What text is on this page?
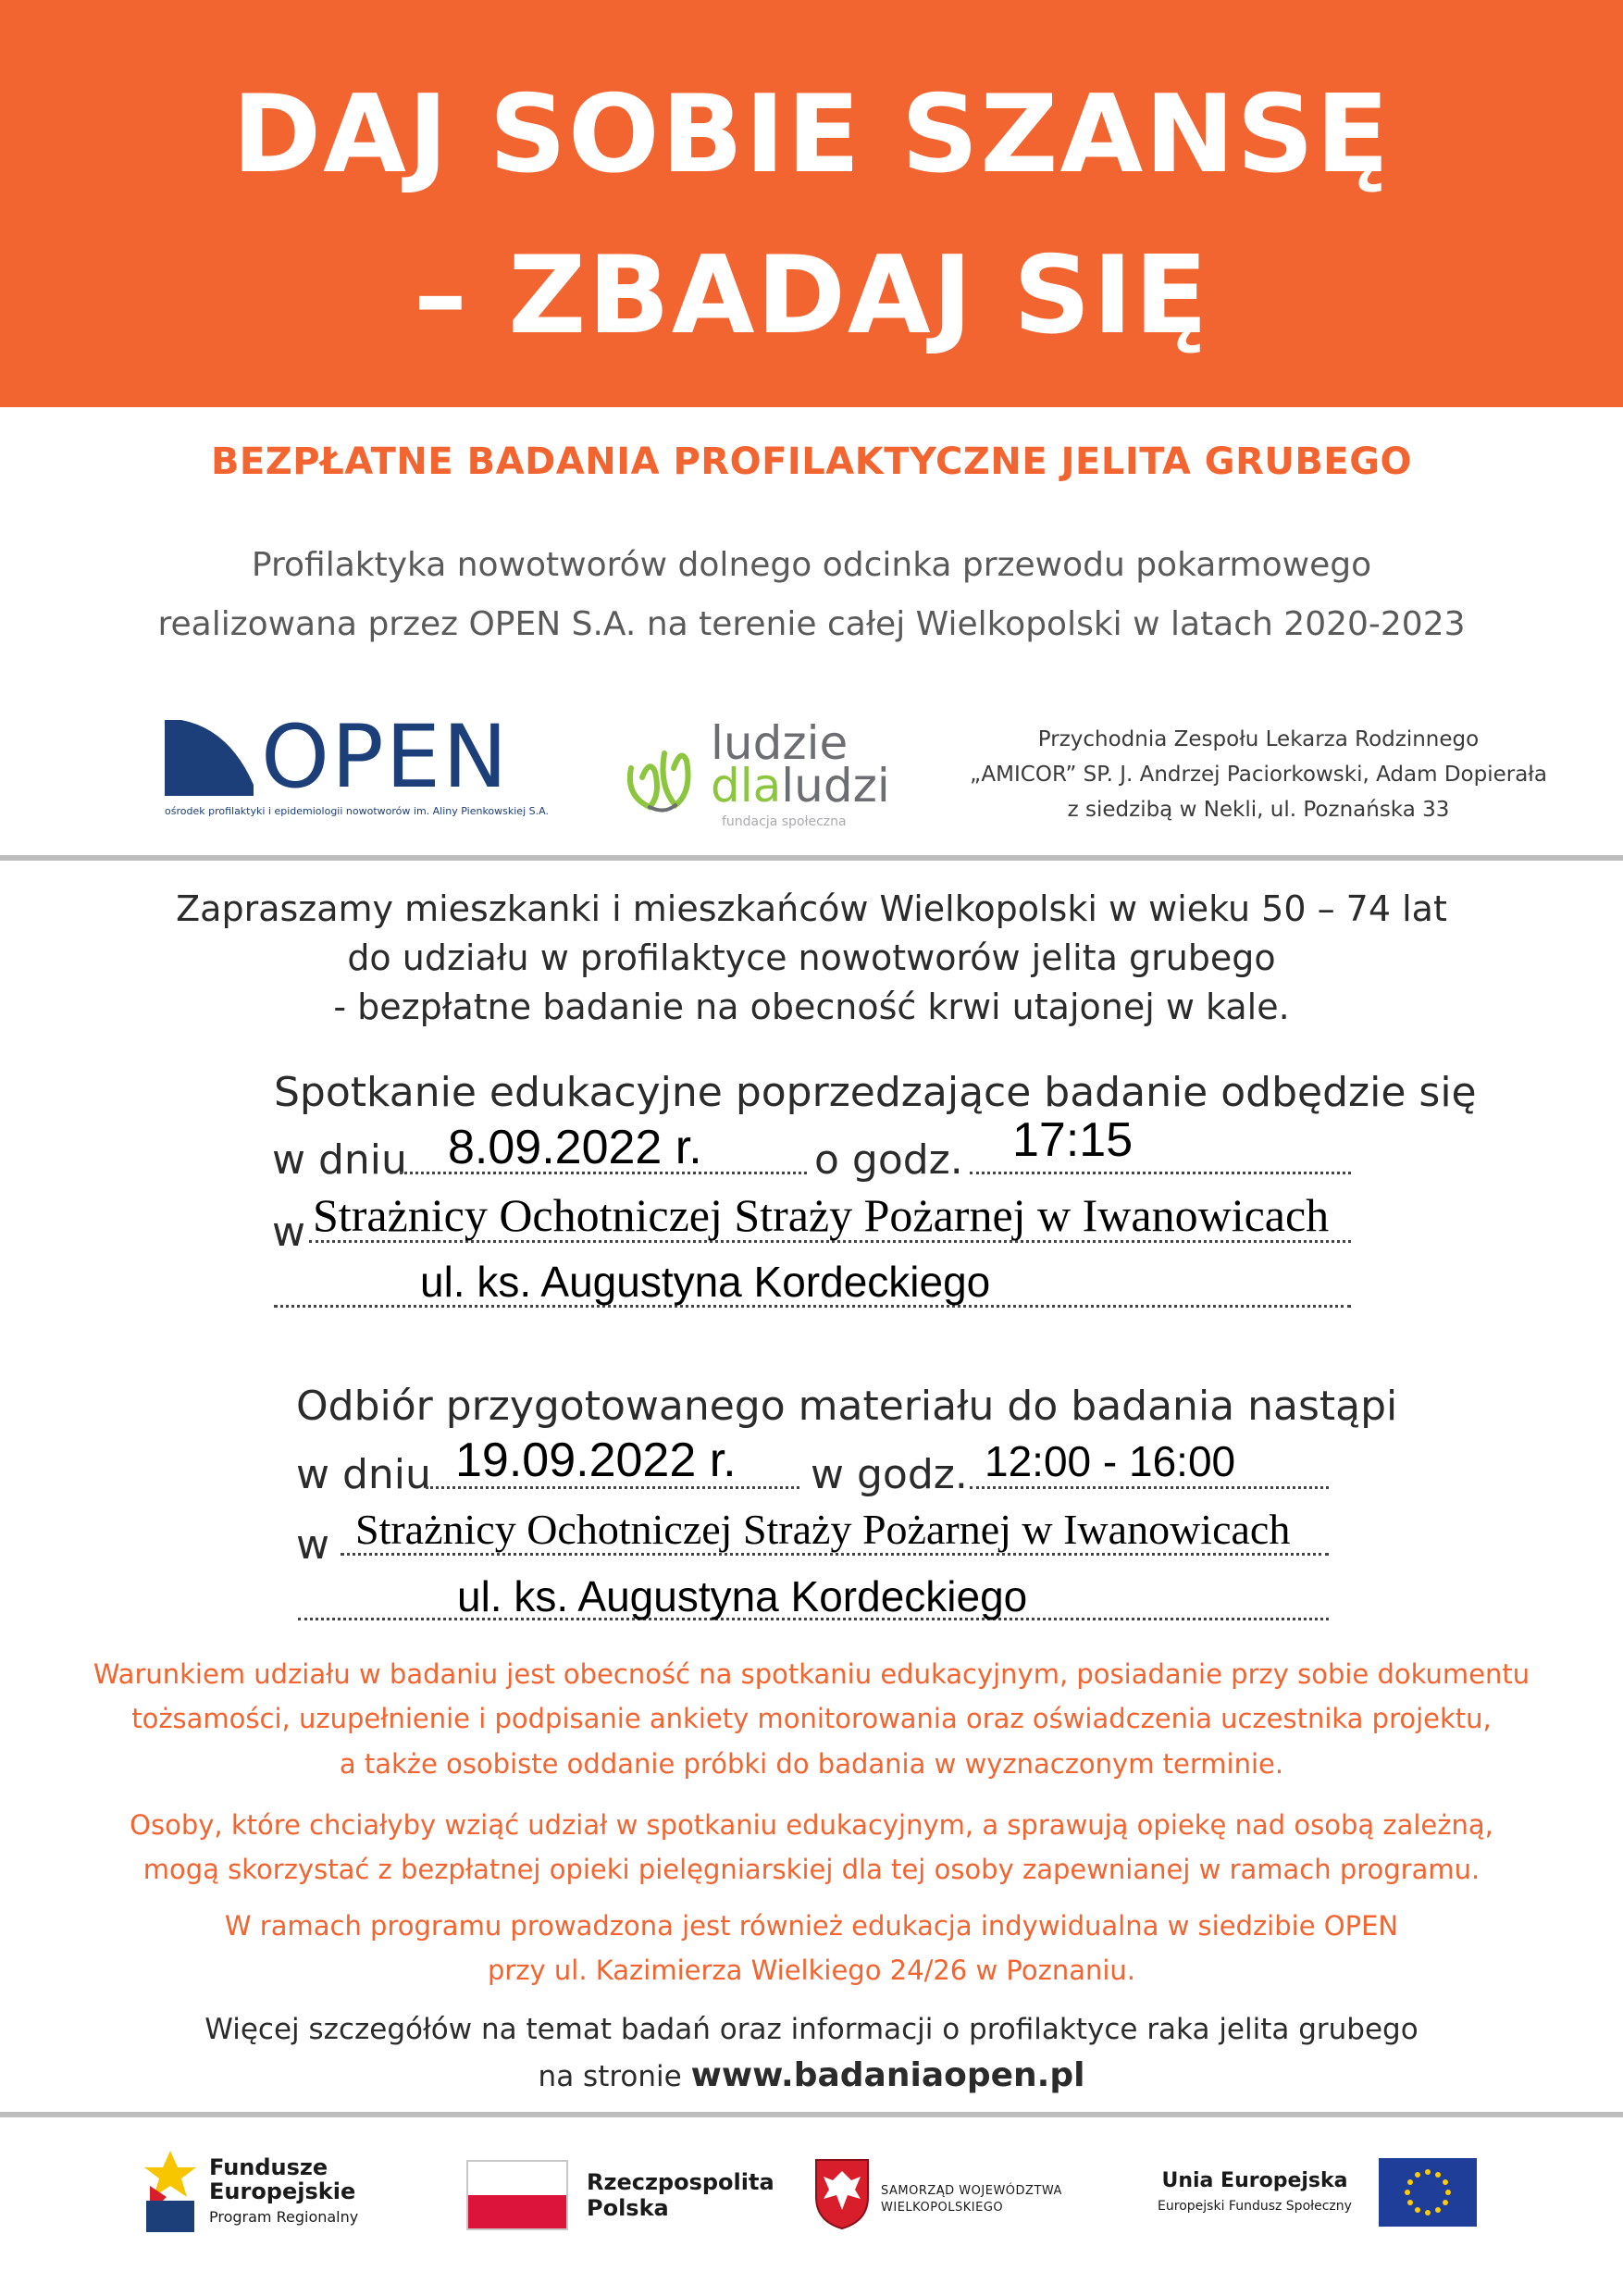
DAJ SOBIE SZANSĘ
– ZBADAJ SIĘ
BEZPŁATNE BADANIA PROFILAKTYCZNE JELITA GRUBEGO
Profilaktyka nowotworów dolnego odcinka przewodu pokarmowego
realizowana przez OPEN S.A. na terenie całej Wielkopolski w latach 2020-2023
OPEN
ośrodek profilaktyki i epidemiologii nowotworów im. Aliny Pienkowskiej S.A.
ludzie
dlaludzi
fundacja społeczna
Przychodnia Zespołu Lekarza Rodzinnego
„AMICOR” SP. J. Andrzej Paciorkowski, Adam Dopierała
z siedzibą w Nekli, ul. Poznańska 33
Zapraszamy mieszkanki i mieszkańców Wielkopolski w wieku 50 – 74 lat
do udziału w profilaktyce nowotworów jelita grubego
- bezpłatne badanie na obecność krwi utajonej w kale.
Spotkanie edukacyjne poprzedzające badanie odbędzie się
w dniu 8.09.2022 r.	o godz. 17:15
w Strażnicy Ochotniczej Straży Pożarnej w Iwanowicach
ul. ks. Augustyna Kordeckiego
Odbiór przygotowanego materiału do badania nastąpi
w dniu 19.09.2022 r. w godz. 12:00 - 16:00
w Strażnicy Ochotniczej Straży Pożarnej w Iwanowicach
ul. ks. Augustyna Kordeckiego
Warunkiem udziału w badaniu jest obecność na spotkaniu edukacyjnym, posiadanie przy sobie dokumentu
tożsamości, uzupełnienie i podpisanie ankiety monitorowania oraz oświadczenia uczestnika projektu,
a także osobiste oddanie próbki do badania w wyznaczonym terminie.
Osoby, które chciałyby wziąć udział w spotkaniu edukacyjnym, a sprawują opiekę nad osobą zależną,
mogą skorzystać z bezpłatnej opieki pielęgniarskiej dla tej osoby zapewnianej w ramach programu.
W ramach programu prowadzona jest również edukacja indywidualna w siedzibie OPEN
przy ul. Kazimierza Wielkiego 24/26 w Poznaniu.
Więcej szczegółów na temat badań oraz informacji o profilaktyce raka jelita grubego
na stronie www.badaniaopen.pl
Fundusze
Europejskie
Program Regionalny
Rzeczpospolita
Polska
SAMORZĄD WOJEWÓDZTWA
WIELKOPOLSKIEGO
Unia Europejska
Europejski Fundusz Społeczny
